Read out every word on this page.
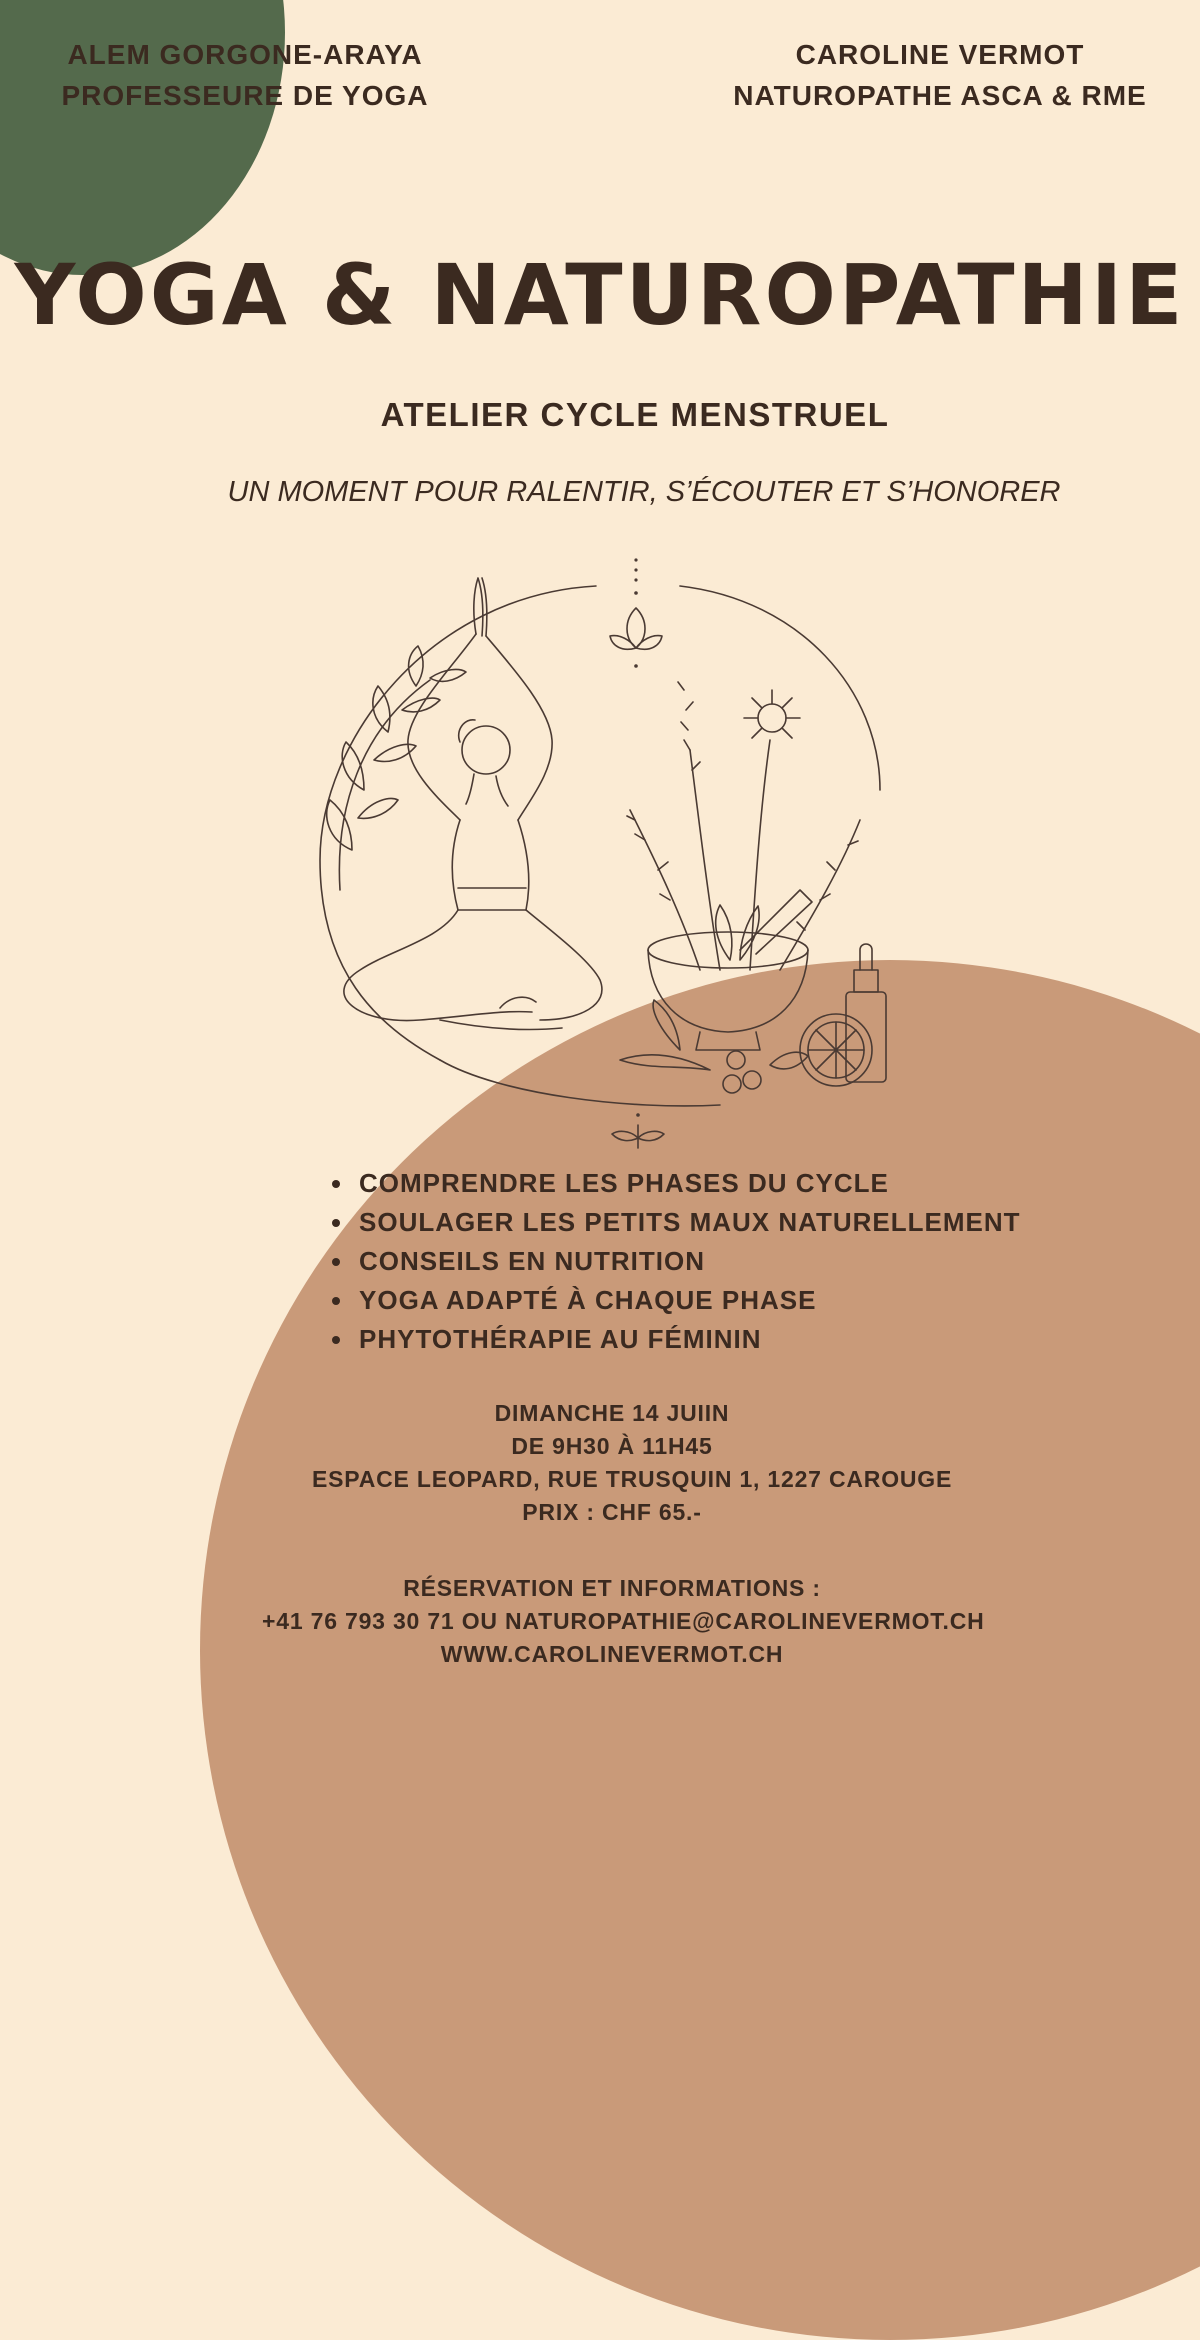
ALEM GORGONE-ARAYA
PROFESSEURE DE YOGA
CAROLINE VERMOT
NATUROPATHE ASCA & RME
YOGA & NATUROPATHIE
ATELIER CYCLE MENSTRUEL
UN MOMENT POUR RALENTIR, S’ÉCOUTER ET S’HONORER
• COMPRENDRE LES PHASES DU CYCLE
• SOULAGER LES PETITS MAUX NATURELLEMENT
• CONSEILS EN NUTRITION
• YOGA ADAPTÉ À CHAQUE PHASE
• PHYTOTHÉRAPIE AU FÉMININ
DIMANCHE 14 JUIIN
DE 9H30 À 11H45
ESPACE LEOPARD, RUE TRUSQUIN 1, 1227 CAROUGE
PRIX : CHF 65.-
RÉSERVATION ET INFORMATIONS :
+41 76 793 30 71 OU NATUROPATHIE@CAROLINEVERMOT.CH
WWW.CAROLINEVERMOT.CH
